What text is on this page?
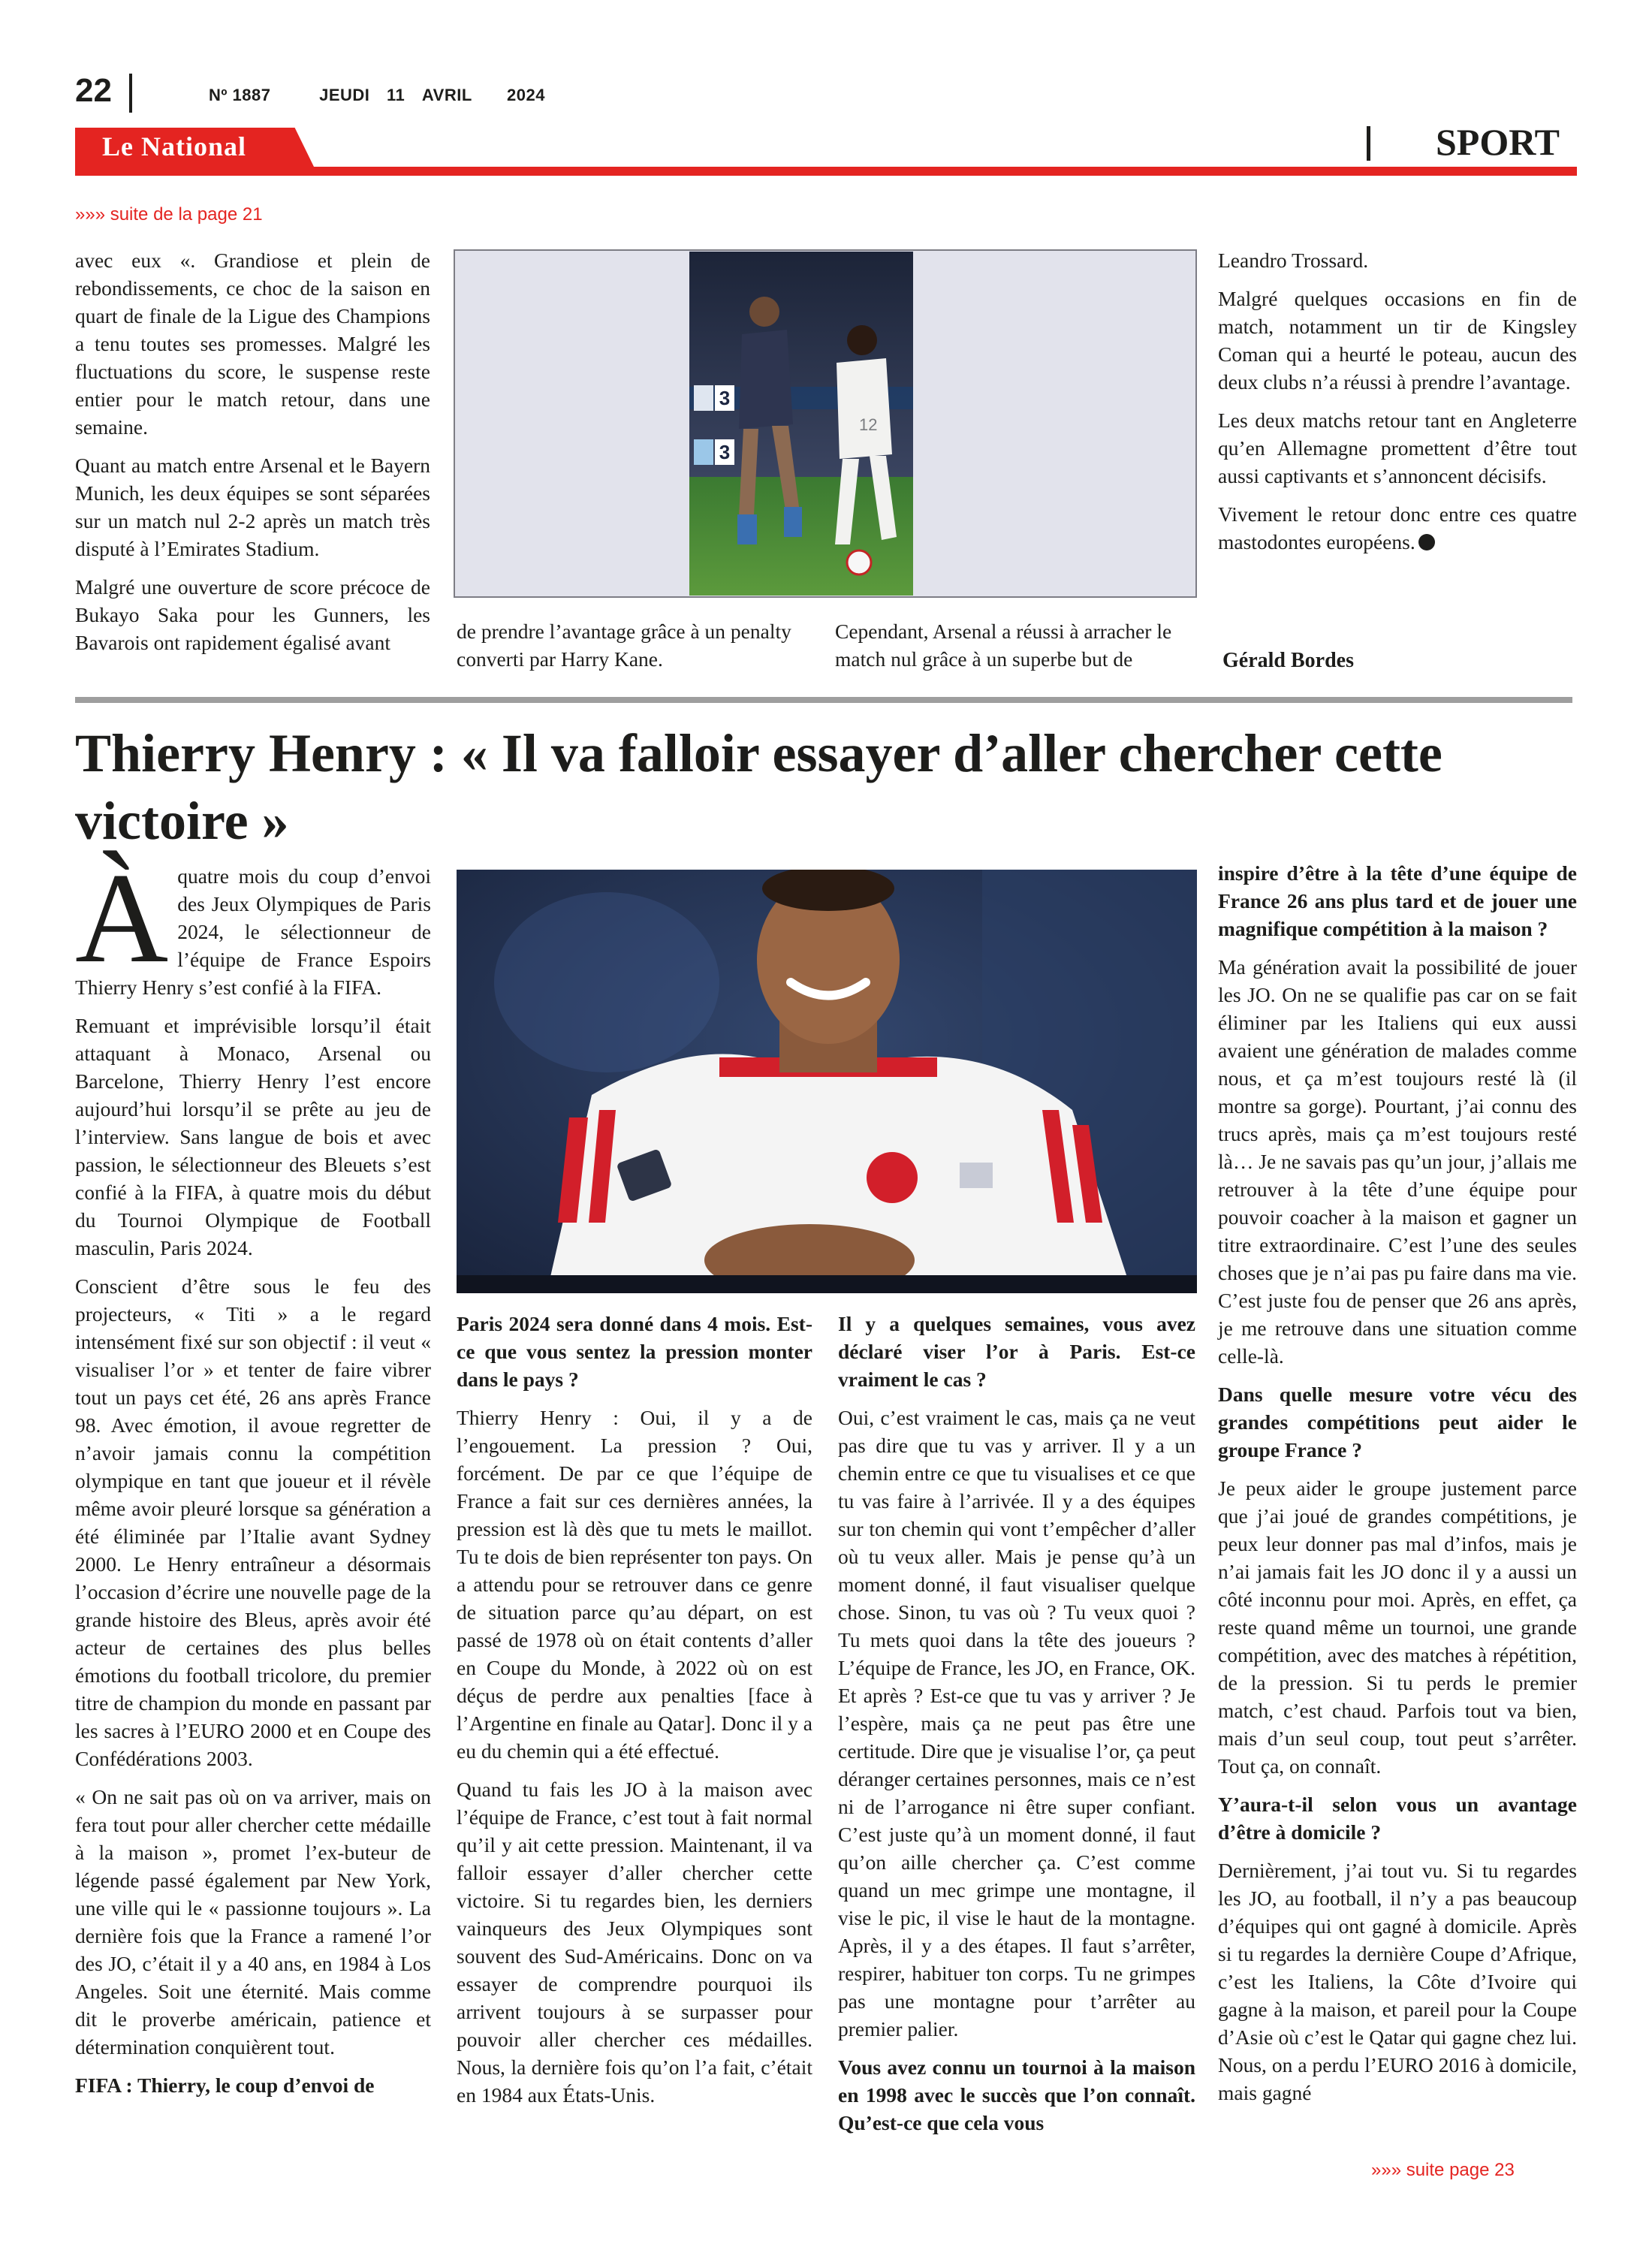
22	Nº 1887	JEUDI 11 AVRIL 2024
Le National	SPORT
»»» suite de la page 21

avec eux «. Grandiose et plein de rebondissements, ce choc de la saison en quart de finale de la Ligue des Champions a tenu toutes ses promesses. Malgré les fluctuations du score, le suspense reste entier pour le match retour, dans une semaine.

Quant au match entre Arsenal et le Bayern Munich, les deux équipes se sont séparées sur un match nul 2-2 après un match très disputé à l’Emirates Stadium.

Malgré une ouverture de score précoce de Bukayo Saka pour les Gunners, les Bavarois ont rapidement égalisé avant

3
3
12
de prendre l’avantage grâce à un penalty converti par Harry Kane.
Cependant, Arsenal a réussi à arracher le match nul grâce à un superbe but de

Leandro Trossard.

Malgré quelques occasions en fin de match, notamment un tir de Kingsley Coman qui a heurté le poteau, aucun des deux clubs n’a réussi à prendre l’avantage.

Les deux matchs retour tant en Angleterre qu’en Allemagne promettent d’être tout aussi captivants et s’annoncent décisifs.

Vivement le retour donc entre ces quatre mastodontes européens.

Gérald Bordes
Thierry Henry : « Il va falloir essayer d’aller chercher cette victoire »

Àquatre mois du coup d’envoi des Jeux Olympiques de Paris 2024, le sélectionneur de l’équipe de France Espoirs Thierry Henry s’est confié à la FIFA.

Remuant et imprévisible lorsqu’il était attaquant à Monaco, Arsenal ou Barcelone, Thierry Henry l’est encore aujourd’hui lorsqu’il se prête au jeu de l’interview. Sans langue de bois et avec passion, le sélectionneur des Bleuets s’est confié à la FIFA, à quatre mois du début du Tournoi Olympique de Football masculin, Paris 2024.

Conscient d’être sous le feu des projecteurs, « Titi » a le regard intensément fixé sur son objectif : il veut « visualiser l’or » et tenter de faire vibrer tout un pays cet été, 26 ans après France 98. Avec émotion, il avoue regretter de n’avoir jamais connu la compétition olympique en tant que joueur et il révèle même avoir pleuré lorsque sa génération a été éliminée par l’Italie avant Sydney 2000. Le Henry entraîneur a désormais l’occasion d’écrire une nouvelle page de la grande histoire des Bleus, après avoir été acteur de certaines des plus belles émotions du football tricolore, du premier titre de champion du monde en passant par les sacres à l’EURO 2000 et en Coupe des Confédérations 2003.

« On ne sait pas où on va arriver, mais on fera tout pour aller chercher cette médaille à la maison », promet l’ex-buteur de légende passé également par New York, une ville qui le « passionne toujours ». La dernière fois que la France a ramené l’or des JO, c’était il y a 40 ans, en 1984 à Los Angeles. Soit une éternité. Mais comme dit le proverbe américain, patience et détermination conquièrent tout.

FIFA : Thierry, le coup d’envoi de

Paris 2024 sera donné dans 4 mois. Est-ce que vous sentez la pression monter dans le pays ?

Thierry Henry : Oui, il y a de l’engouement. La pression ? Oui, forcément. De par ce que l’équipe de France a fait sur ces dernières années, la pression est là dès que tu mets le maillot. Tu te dois de bien représenter ton pays. On a attendu pour se retrouver dans ce genre de situation parce qu’au départ, on est passé de 1978 où on était contents d’aller en Coupe du Monde, à 2022 où on est déçus de perdre aux penalties [face à l’Argentine en finale au Qatar]. Donc il y a eu du chemin qui a été effectué.

Quand tu fais les JO à la maison avec l’équipe de France, c’est tout à fait normal qu’il y ait cette pression. Maintenant, il va falloir essayer d’aller chercher cette victoire. Si tu regardes bien, les derniers vainqueurs des Jeux Olympiques sont souvent des Sud-Américains. Donc on va essayer de comprendre pourquoi ils arrivent toujours à se surpasser pour pouvoir aller chercher ces médailles. Nous, la dernière fois qu’on l’a fait, c’était en 1984 aux États-Unis.

Il y a quelques semaines, vous avez déclaré viser l’or à Paris. Est-ce vraiment le cas ?

Oui, c’est vraiment le cas, mais ça ne veut pas dire que tu vas y arriver. Il y a un chemin entre ce que tu visualises et ce que tu vas faire à l’arrivée. Il y a des équipes sur ton chemin qui vont t’empêcher d’aller où tu veux aller. Mais je pense qu’à un moment donné, il faut visualiser quelque chose. Sinon, tu vas où ? Tu veux quoi ? Tu mets quoi dans la tête des joueurs ? L’équipe de France, les JO, en France, OK. Et après ? Est-ce que tu vas y arriver ? Je l’espère, mais ça ne peut pas être une certitude. Dire que je visualise l’or, ça peut déranger certaines personnes, mais ce n’est ni de l’arrogance ni être super confiant. C’est juste qu’à un moment donné, il faut qu’on aille chercher ça. C’est comme quand un mec grimpe une montagne, il vise le pic, il vise le haut de la montagne. Après, il y a des étapes. Il faut s’arrêter, respirer, habituer ton corps. Tu ne grimpes pas une montagne pour t’arrêter au premier palier.

Vous avez connu un tournoi à la maison en 1998 avec le succès que l’on connaît. Qu’est-ce que cela vous

inspire d’être à la tête d’une équipe de France 26 ans plus tard et de jouer une magnifique compétition à la maison ?

Ma génération avait la possibilité de jouer les JO. On ne se qualifie pas car on se fait éliminer par les Italiens qui eux aussi avaient une génération de malades comme nous, et ça m’est toujours resté là (il montre sa gorge). Pourtant, j’ai connu des trucs après, mais ça m’est toujours resté là… Je ne savais pas qu’un jour, j’allais me retrouver à la tête d’une équipe pour pouvoir coacher à la maison et gagner un titre extraordinaire. C’est l’une des seules choses que je n’ai pas pu faire dans ma vie. C’est juste fou de penser que 26 ans après, je me retrouve dans une situation comme celle-là.

Dans quelle mesure votre vécu des grandes compétitions peut aider le groupe France ?

Je peux aider le groupe justement parce que j’ai joué de grandes compétitions, je peux leur donner pas mal d’infos, mais je n’ai jamais fait les JO donc il y a aussi un côté inconnu pour moi. Après, en effet, ça reste quand même un tournoi, une grande compétition, avec des matches à répétition, de la pression. Si tu perds le premier match, c’est chaud. Parfois tout va bien, mais d’un seul coup, tout peut s’arrêter. Tout ça, on connaît.

Y’aura-t-il selon vous un avantage d’être à domicile ?

Dernièrement, j’ai tout vu. Si tu regardes les JO, au football, il n’y a pas beaucoup d’équipes qui ont gagné à domicile. Après si tu regardes la dernière Coupe d’Afrique, c’est les Italiens, la Côte d’Ivoire qui gagne à la maison, et pareil pour la Coupe d’Asie où c’est le Qatar qui gagne chez lui. Nous, on a perdu l’EURO 2016 à domicile, mais gagné

»»» suite page 23
